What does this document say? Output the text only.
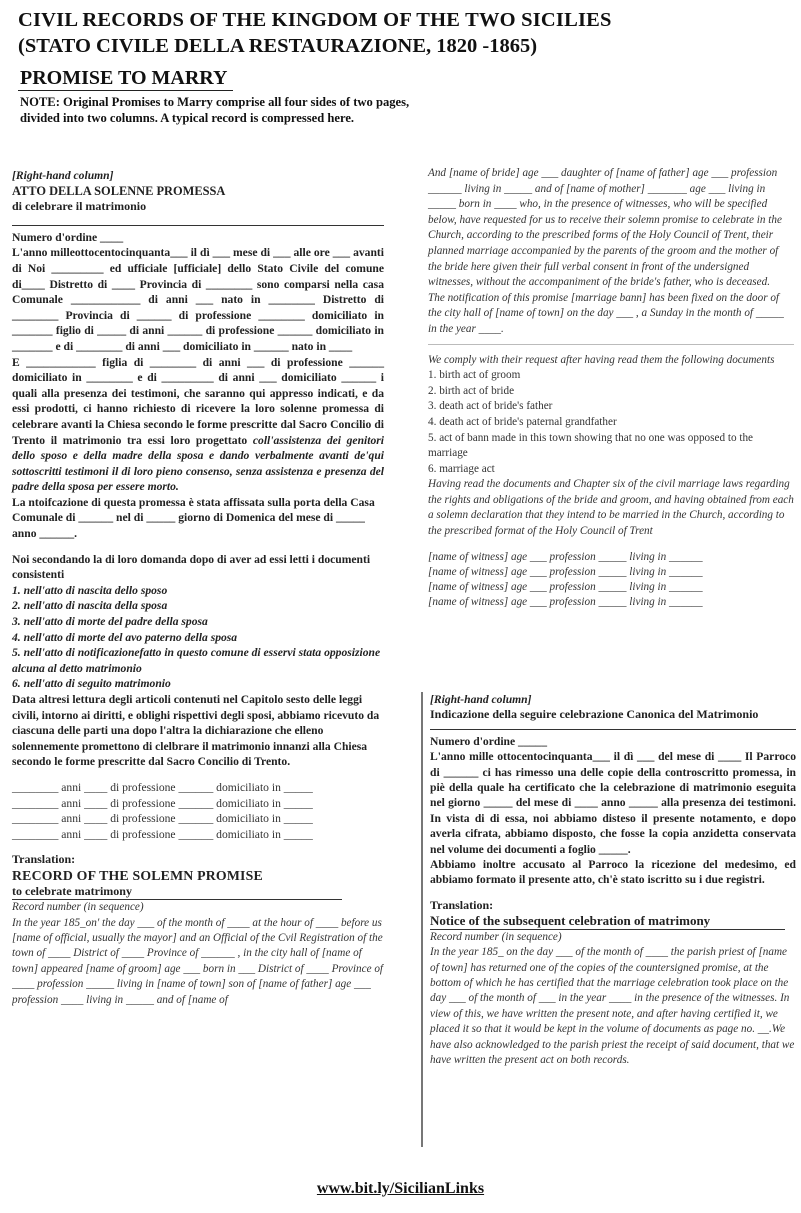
CIVIL RECORDS OF THE KINGDOM OF THE TWO SICILIES
(STATO CIVILE DELLA RESTAURAZIONE, 1820 -1865)
PROMISE TO MARRY
NOTE: Original Promises to Marry comprise all four sides of two pages, divided into two columns. A typical record is compressed here.
[Right-hand column]
ATTO DELLA SOLENNE PROMESSA
di celebrare il matrimonio
Numero d'ordine ____
L'anno milleottocentocinquanta___ il dì ___ mese di ___ alle ore ___ avanti di Noi _________ ed ufficiale [ufficiale] dello Stato Civile del comune di____ Distretto di ____ Provincia di ________ sono comparsi nella casa Comunale ____________ di anni ___ nato in ________ Distretto di ________ Provincia di ______ di professione ________ domiciliato in _______ figlio di _____ di anni ______ di professione ______ domiciliato in _______ e di ________ di anni ___ domiciliato in ______ nato in ____
E ____________ figlia di ________ di anni ___ di professione ______ domiciliato in ________ e di _________ di anni ___ domiciliato ______ i quali alla presenza dei testimoni, che saranno qui appresso indicati, e da essi prodotti, ci hanno richiesto di ricevere la loro solenne promessa di celebrare avanti la Chiesa secondo le forme prescritte dal Sacro Concilio di Trento il matrimonio tra essi loro progettato coll'assistenza dei genitori dello sposo e della madre della sposa e dando verbalmente avanti de'qui sottoscritti testimoni il di loro pieno consenso, senza assistenza e presenza del padre della sposa per essere morto.
La ntoifcazione di questa promessa è stata affissata sulla porta della Casa Comunale di ______ nel di _____ giorno di Domenica del mese di _____ anno ______.
Noi secondando la di loro domanda dopo di aver ad essi letti i documenti consistenti
1. nell'atto di nascita dello sposo
2. nell'atto di nascita della sposa
3. nell'atto di morte del padre della sposa
4. nell'atto di morte del avo paterno della sposa
5. nell'atto di notificazionefatto in questo comune di esservi stata opposizione alcuna al detto matrimonio
6. nell'atto di seguito matrimonio
Data altresi lettura degli articoli contenuti nel Capitolo sesto delle leggi civili, intorno ai diritti, e oblighi rispettivi degli sposi, abbiamo ricevuto da ciascuna delle parti una dopo l'altra la dichiarazione che elleno solennemente promettono di clelbrare il matrimonio innanzi alla Chiesa secondo le forme prescritte dal Sacro Concilio di Trento.
________ anni ____ di professione ______ domiciliato in _____
________ anni ____ di professione ______ domiciliato in _____
________ anni ____ di professione ______ domiciliato in _____
________ anni ____ di professione ______ domiciliato in _____
Translation:
RECORD OF THE SOLEMN PROMISE
to celebrate matrimony
Record number (in sequence)
In the year 185_on' the day ___ of the month of ____ at the hour of ____ before us [name of official, usually the mayor] and an Official of the Cvil Registration of the town of ____ District of ____ Province of ______ , in the city hall of [name of town] appeared [name of groom] age ___ born in ___ District of ____ Province of ____ profession _____ living in [name of town] son of [name of father] age ___ profession ____ living in _____ and of [name of
And [name of bride] age ___ daughter of [name of father] age ___ profession ______ living in _____ and of [name of mother] _______ age ___ living in _____ born in ____ who, in the presence of witnesses, who will be specified below, have requested for us to receive their solemn promise to celebrate in the Church, according to the prescribed forms of the Holy Council of Trent, their planned marriage accompanied by the parents of the groom and the mother of the bride here given their full verbal consent in front of the undersigned witnesses, without the accompaniment of the bride's father, who is deceased.
The notification of this promise [marriage bann] has been fixed on the door of the city hall of [name of town] on the day ___ , a Sunday in the month of _____ in the year ____.
We comply with their request after having read them the following documents
1. birth act of groom
2. birth act of bride
3. death act of bride's father
4. death act of bride's paternal grandfather
5. act of bann made in this town showing that no one was opposed to the marriage
6. marriage act
Having read the documents and Chapter six of the civil marriage laws regarding the rights and obligations of the bride and groom, and having obtained from each a solemn declaration that they intend to be married in the Church, according to the prescribed format of the Holy Council of Trent
[name of witness] age ___ profession _____ living in ______
[name of witness] age ___ profession _____ living in ______
[name of witness] age ___ profession _____ living in ______
[name of witness] age ___ profession _____ living in ______
[Right-hand column]
Indicazione della seguire celebrazione Canonica del Matrimonio
Numero d'ordine _____
L'anno mille ottocentocinquanta___ il dì ___ del mese di ____ Il Parroco di ______ ci has rimesso una delle copie della controscritto promessa, in piè della quale ha certificato che la celebrazione di matrimonio eseguita nel giorno _____ del mese di ____ anno _____ alla presenza dei testimoni. In vista di di essa, noi abbiamo disteso il presente notamento, e dopo averla cifrata, abbiamo disposto, che fosse la copia anzidetta conservata nel volume dei documenti a foglio _____.
Abbiamo inoltre accusato al Parroco la ricezione del medesimo, ed abbiamo formato il presente atto, ch'è stato iscritto su i due registri.
Translation:
Notice of the subsequent celebration of matrimony
Record number (in sequence)
In the year 185_ on the day ___ of the month of ____ the parish priest of [name of town] has returned one of the copies of the countersigned promise, at the bottom of which he has certified that the marriage celebration took place on the day ___ of the month of ___ in the year ____ in the presence of the witnesses. In view of this, we have written the present note, and after having certified it, we placed it so that it would be kept in the volume of documents as page no. __.We have also acknowledged to the parish priest the receipt of said document, that we have written the present act on both records.
www.bit.ly/SicilianLinks
